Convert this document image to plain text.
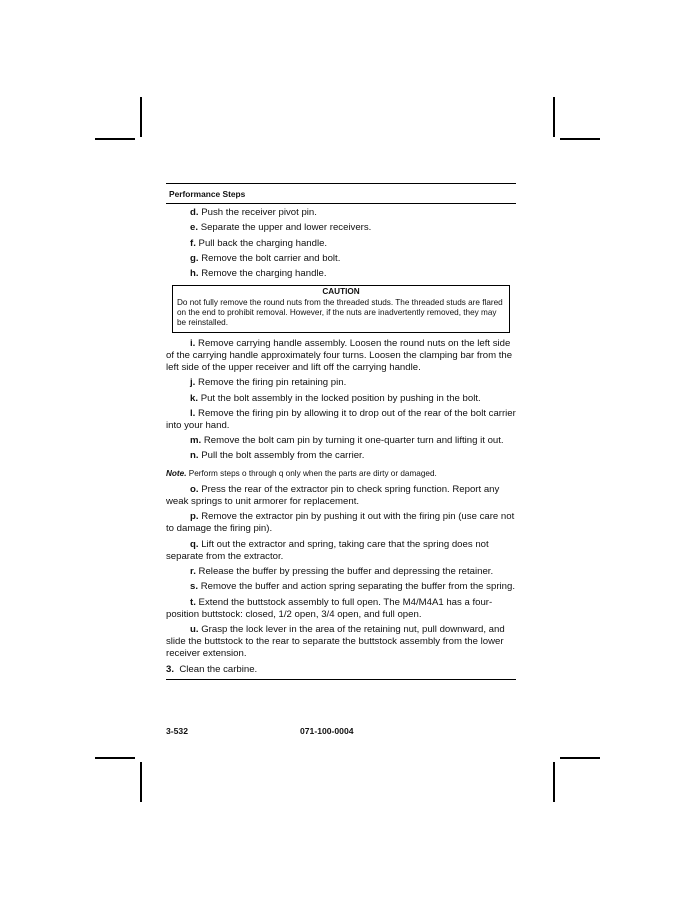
Performance Steps
d. Push the receiver pivot pin.
e. Separate the upper and lower receivers.
f. Pull back the charging handle.
g. Remove the bolt carrier and bolt.
h. Remove the charging handle.
CAUTION
Do not fully remove the round nuts from the threaded studs. The threaded studs are flared on the end to prohibit removal. However, if the nuts are inadvertently removed, they may be reinstalled.
i. Remove carrying handle assembly. Loosen the round nuts on the left side of the carrying handle approximately four turns. Loosen the clamping bar from the left side of the upper receiver and lift off the carrying handle.
j. Remove the firing pin retaining pin.
k. Put the bolt assembly in the locked position by pushing in the bolt.
l. Remove the firing pin by allowing it to drop out of the rear of the bolt carrier into your hand.
m. Remove the bolt cam pin by turning it one-quarter turn and lifting it out.
n. Pull the bolt assembly from the carrier.
Note. Perform steps o through q only when the parts are dirty or damaged.
o. Press the rear of the extractor pin to check spring function. Report any weak springs to unit armorer for replacement.
p. Remove the extractor pin by pushing it out with the firing pin (use care not to damage the firing pin).
q. Lift out the extractor and spring, taking care that the spring does not separate from the extractor.
r. Release the buffer by pressing the buffer and depressing the retainer.
s. Remove the buffer and action spring separating the buffer from the spring.
t. Extend the buttstock assembly to full open. The M4/M4A1 has a four-position buttstock: closed, 1/2 open, 3/4 open, and full open.
u. Grasp the lock lever in the area of the retaining nut, pull downward, and slide the buttstock to the rear to separate the buttstock assembly from the lower receiver extension.
3. Clean the carbine.
3-532	071-100-0004
